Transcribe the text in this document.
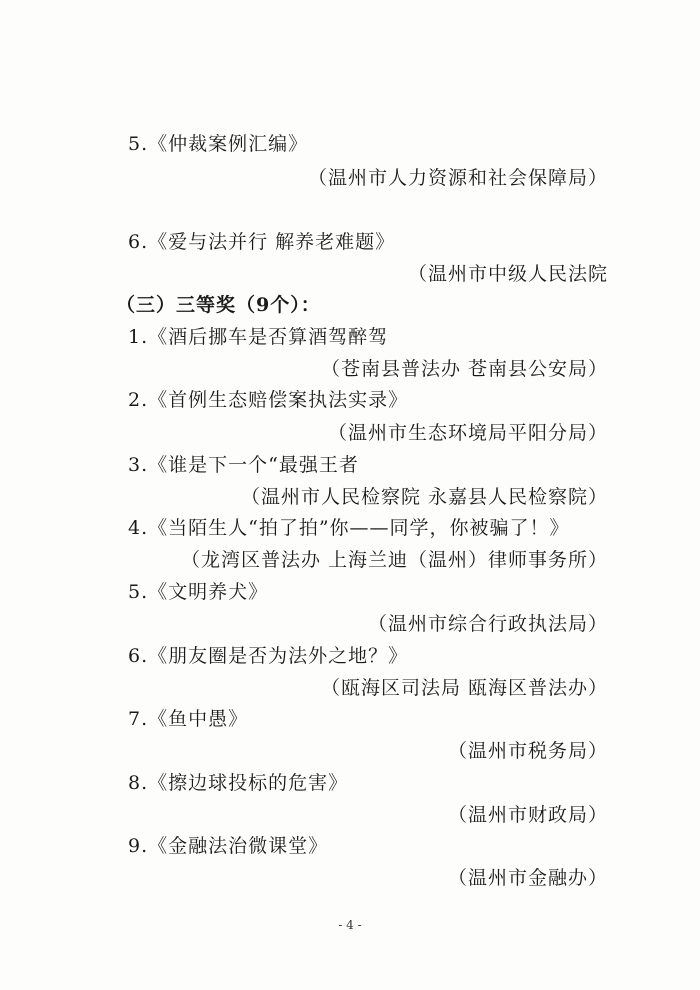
5.《仲裁案例汇编》
（温州市人力资源和社会保障局）
6.《爱与法并行 解养老难题》
（温州市中级人民法院
（三）三等奖（9个）：
1.《酒后挪车是否算酒驾醉驾
（苍南县普法办 苍南县公安局）
2.《首例生态赔偿案执法实录》
（温州市生态环境局平阳分局）
3.《谁是下一个“最强王者
（温州市人民检察院 永嘉县人民检察院）
4.《当陌生人“拍了拍”你——同学，你被骗了！》
（龙湾区普法办 上海兰迪（温州）律师事务所）
5.《文明养犬》
（温州市综合行政执法局）
6.《朋友圈是否为法外之地？》
（瓯海区司法局 瓯海区普法办）
7.《鱼中愚》
（温州市税务局）
8.《擦边球投标的危害》
（温州市财政局）
9.《金融法治微课堂》
（温州市金融办）
- 4 -
